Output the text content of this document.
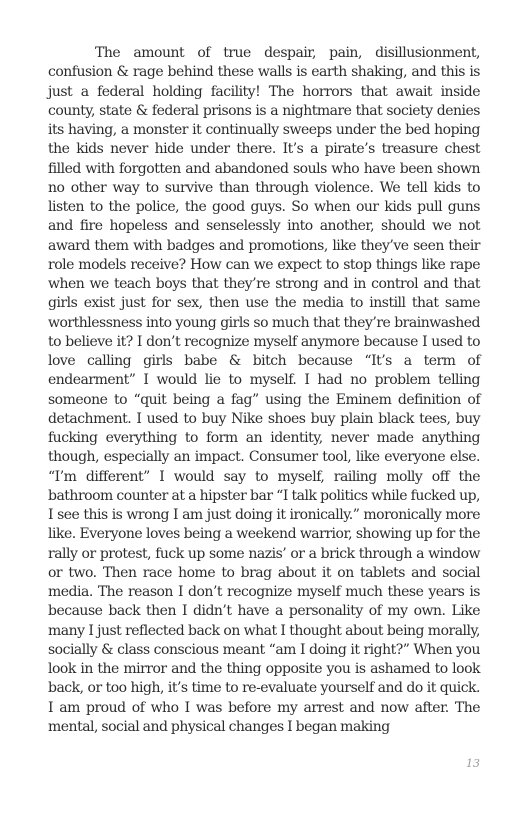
The amount of true despair, pain, disillusionment, confusion & rage behind these walls is earth shaking, and this is just a federal holding facility! The horrors that await inside county, state & federal prisons is a nightmare that society denies its having, a monster it continually sweeps under the bed hoping the kids never hide under there. It’s a pirate’s treasure chest filled with forgotten and abandoned souls who have been shown no other way to survive than through violence. We tell kids to listen to the police, the good guys. So when our kids pull guns and fire hopeless and senselessly into another, should we not award them with badges and promotions, like they’ve seen their role models receive? How can we expect to stop things like rape when we teach boys that they’re strong and in control and that girls exist just for sex, then use the media to instill that same worthlessness into young girls so much that they’re brainwashed to believe it? I don’t recognize myself anymore because I used to love calling girls babe & bitch because “It’s a term of endearment” I would lie to myself. I had no problem telling someone to “quit being a fag” using the Eminem definition of detachment. I used to buy Nike shoes buy plain black tees, buy fucking everything to form an identity, never made anything though, especially an impact. Consumer tool, like everyone else. “I’m different” I would say to myself, railing molly off the bathroom counter at a hipster bar “I talk politics while fucked up, I see this is wrong I am just doing it ironically.” moronically more like. Everyone loves being a weekend warrior, showing up for the rally or protest, fuck up some nazis’ or a brick through a window or two. Then race home to brag about it on tablets and social media. The reason I don’t recognize myself much these years is because back then I didn’t have a personality of my own. Like many I just reflected back on what I thought about being morally, socially & class conscious meant “am I doing it right?” When you look in the mirror and the thing opposite you is ashamed to look back, or too high, it’s time to re-evaluate yourself and do it quick. I am proud of who I was before my arrest and now after. The mental, social and physical changes I began making

13
